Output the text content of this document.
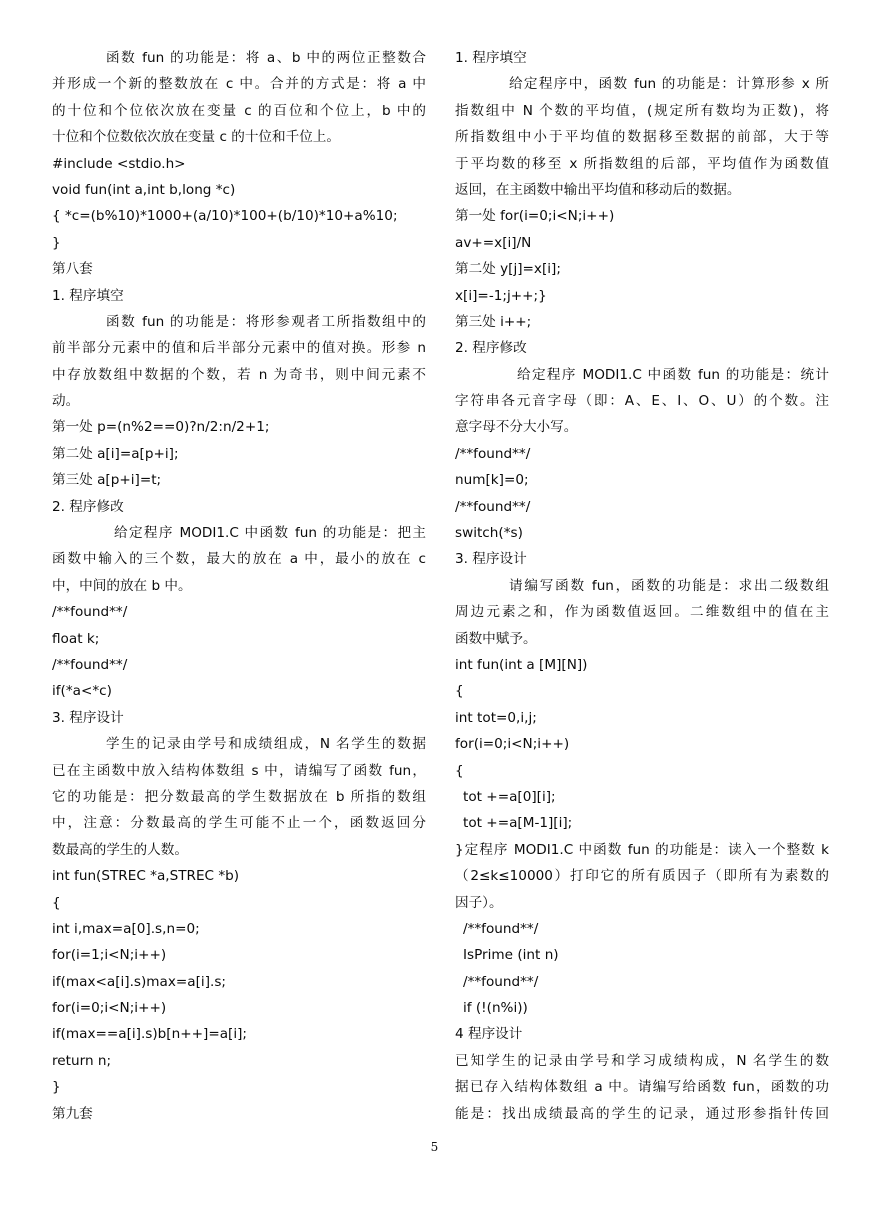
函数 fun 的功能是：将 a、b 中的两位正整数合
并形成一个新的整数放在 c 中。合并的方式是：将 a 中
的十位和个位依次放在变量 c 的百位和个位上，b 中的
十位和个位数依次放在变量 c 的十位和千位上。
#include <stdio.h>
void fun(int a,int b,long *c)
{ *c=(b%10)*1000+(a/10)*100+(b/10)*10+a%10;
}
第八套
1. 程序填空
函数 fun 的功能是：将形参观者工所指数组中的
前半部分元素中的值和后半部分元素中的值对换。形参 n
中存放数组中数据的个数，若 n 为奇书，则中间元素不
动。
第一处 p=(n%2==0)?n/2:n/2+1;
第二处 a[i]=a[p+i];
第三处 a[p+i]=t;
2. 程序修改
给定程序 MODI1.C 中函数 fun 的功能是：把主
函数中输入的三个数，最大的放在 a 中，最小的放在 c
中，中间的放在 b 中。
/**found**/
float k;
/**found**/
if(*a<*c)
3. 程序设计
学生的记录由学号和成绩组成，N 名学生的数据
已在主函数中放入结构体数组 s 中，请编写了函数 fun，
它的功能是：把分数最高的学生数据放在 b 所指的数组
中，注意：分数最高的学生可能不止一个，函数返回分
数最高的学生的人数。
int fun(STREC *a,STREC *b)
{
int i,max=a[0].s,n=0;
for(i=1;i<N;i++)
if(max<a[i].s)max=a[i].s;
for(i=0;i<N;i++)
if(max==a[i].s)b[n++]=a[i];
return n;
}
第九套
1. 程序填空
给定程序中，函数 fun 的功能是：计算形参 x 所
指数组中 N 个数的平均值，(规定所有数均为正数)，将
所指数组中小于平均值的数据移至数据的前部，大于等
于平均数的移至 x 所指数组的后部，平均值作为函数值
返回，在主函数中输出平均值和移动后的数据。
第一处 for(i=0;i<N;i++)
av+=x[i]/N
第二处 y[j]=x[i];
x[i]=-1;j++;}
第三处 i++;
2. 程序修改
给定程序 MODI1.C 中函数 fun 的功能是：统计
字符串各元音字母（即：A、E、I、O、U）的个数。注
意字母不分大小写。
/**found**/
num[k]=0;
/**found**/
switch(*s)
3. 程序设计
请编写函数 fun，函数的功能是：求出二级数组
周边元素之和，作为函数值返回。二维数组中的值在主
函数中赋予。
int fun(int a [M][N])
{
int tot=0,i,j;
for(i=0;i<N;i++)
{
tot +=a[0][i];
tot +=a[M-1][i];
}定程序 MODI1.C 中函数 fun 的功能是：读入一个整数 k
（2≤k≤10000）打印它的所有质因子（即所有为素数的
因子）。
/**found**/
IsPrime (int n)
/**found**/
if (!(n%i))
4 程序设计
已知学生的记录由学号和学习成绩构成，N 名学生的数
据已存入结构体数组 a 中。请编写给函数 fun，函数的功
能是：找出成绩最高的学生的记录，通过形参指针传回
5
